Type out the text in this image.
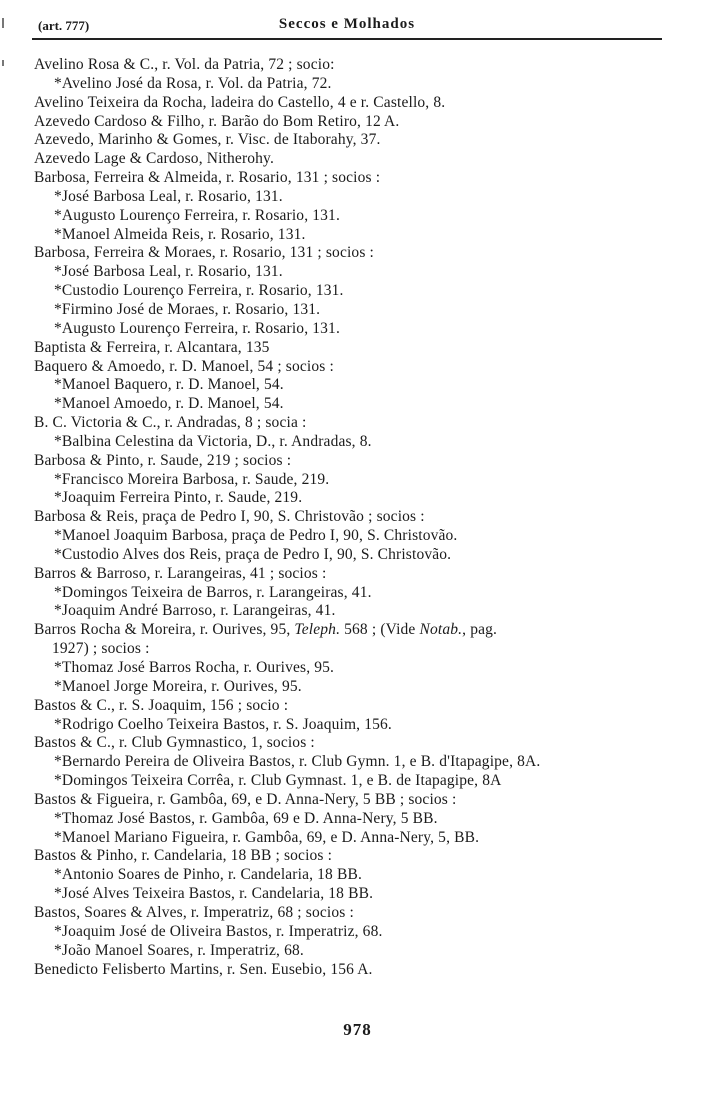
(art. 777)	Seccos e Molhados
Avelino Rosa & C., r. Vol. da Patria, 72 ; socio:
*Avelino José da Rosa, r. Vol. da Patria, 72.
Avelino Teixeira da Rocha, ladeira do Castello, 4 e r. Castello, 8.
Azevedo Cardoso & Filho, r. Barão do Bom Retiro, 12 A.
Azevedo, Marinho & Gomes, r. Visc. de Itaborahy, 37.
Azevedo Lage & Cardoso, Nitherohy.
Barbosa, Ferreira & Almeida, r. Rosario, 131 ; socios :
*José Barbosa Leal, r. Rosario, 131.
*Augusto Lourenço Ferreira, r. Rosario, 131.
*Manoel Almeida Reis, r. Rosario, 131.
Barbosa, Ferreira & Moraes, r. Rosario, 131 ; socios :
*José Barbosa Leal, r. Rosario, 131.
*Custodio Lourenço Ferreira, r. Rosario, 131.
*Firmino José de Moraes, r. Rosario, 131.
*Augusto Lourenço Ferreira, r. Rosario, 131.
Baptista & Ferreira, r. Alcantara, 135
Baquero & Amoedo, r. D. Manoel, 54 ; socios :
*Manoel Baquero, r. D. Manoel, 54.
*Manoel Amoedo, r. D. Manoel, 54.
B. C. Victoria & C., r. Andradas, 8 ; socia :
*Balbina Celestina da Victoria, D., r. Andradas, 8.
Barbosa & Pinto, r. Saude, 219 ; socios :
*Francisco Moreira Barbosa, r. Saude, 219.
*Joaquim Ferreira Pinto, r. Saude, 219.
Barbosa & Reis, praça de Pedro I, 90, S. Christovão ; socios :
*Manoel Joaquim Barbosa, praça de Pedro I, 90, S. Christovão.
*Custodio Alves dos Reis, praça de Pedro I, 90, S. Christovão.
Barros & Barroso, r. Larangeiras, 41 ; socios :
*Domingos Teixeira de Barros, r. Larangeiras, 41.
*Joaquim André Barroso, r. Larangeiras, 41.
Barros Rocha & Moreira, r. Ourives, 95, Teleph. 568 ; (Vide Notab., pag.
1927) ; socios :
*Thomaz José Barros Rocha, r. Ourives, 95.
*Manoel Jorge Moreira, r. Ourives, 95.
Bastos & C., r. S. Joaquim, 156 ; socio :
*Rodrigo Coelho Teixeira Bastos, r. S. Joaquim, 156.
Bastos & C., r. Club Gymnastico, 1, socios :
*Bernardo Pereira de Oliveira Bastos, r. Club Gymn. 1, e B. d'Itapagipe, 8A.
*Domingos Teixeira Corrêa, r. Club Gymnast. 1, e B. de Itapagipe, 8A
Bastos & Figueira, r. Gambôa, 69, e D. Anna-Nery, 5 BB ; socios :
*Thomaz José Bastos, r. Gambôa, 69 e D. Anna-Nery, 5 BB.
*Manoel Mariano Figueira, r. Gambôa, 69, e D. Anna-Nery, 5, BB.
Bastos & Pinho, r. Candelaria, 18 BB ; socios :
*Antonio Soares de Pinho, r. Candelaria, 18 BB.
*José Alves Teixeira Bastos, r. Candelaria, 18 BB.
Bastos, Soares & Alves, r. Imperatriz, 68 ; socios :
*Joaquim José de Oliveira Bastos, r. Imperatriz, 68.
*João Manoel Soares, r. Imperatriz, 68.
Benedicto Felisberto Martins, r. Sen. Eusebio, 156 A.
978
